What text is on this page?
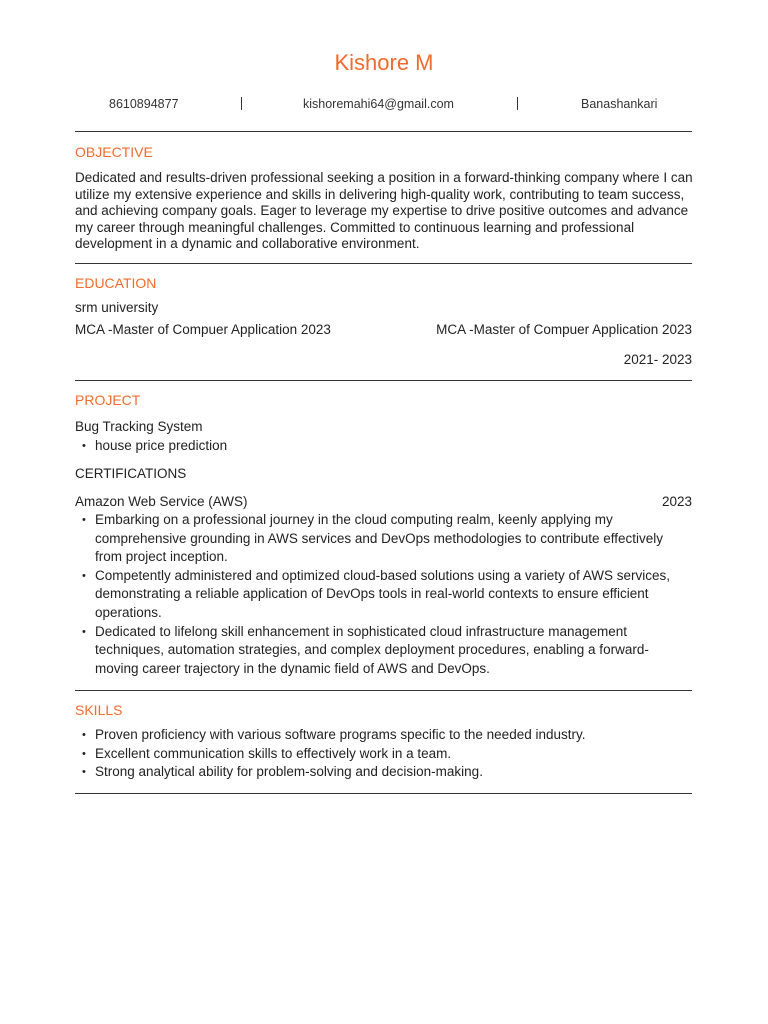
Kishore M
8610894877	kishoremahi64@gmail.com	Banashankari
OBJECTIVE
Dedicated and results-driven professional seeking a position in a forward-thinking company where I can utilize my extensive experience and skills in delivering high-quality work, contributing to team success, and achieving company goals. Eager to leverage my expertise to drive positive outcomes and advance my career through meaningful challenges. Committed to continuous learning and professional development in a dynamic and collaborative environment.
EDUCATION
srm university
MCA -Master of Compuer Application 2023	MCA -Master of Compuer Application 2023
2021- 2023
PROJECT
Bug Tracking System
• house price prediction
CERTIFICATIONS
Amazon Web Service (AWS)	2023
• Embarking on a professional journey in the cloud computing realm, keenly applying my comprehensive grounding in AWS services and DevOps methodologies to contribute effectively from project inception.
• Competently administered and optimized cloud-based solutions using a variety of AWS services, demonstrating a reliable application of DevOps tools in real-world contexts to ensure efficient operations.
• Dedicated to lifelong skill enhancement in sophisticated cloud infrastructure management techniques, automation strategies, and complex deployment procedures, enabling a forward-moving career trajectory in the dynamic field of AWS and DevOps.
SKILLS
• Proven proficiency with various software programs specific to the needed industry.
• Excellent communication skills to effectively work in a team.
• Strong analytical ability for problem-solving and decision-making.
